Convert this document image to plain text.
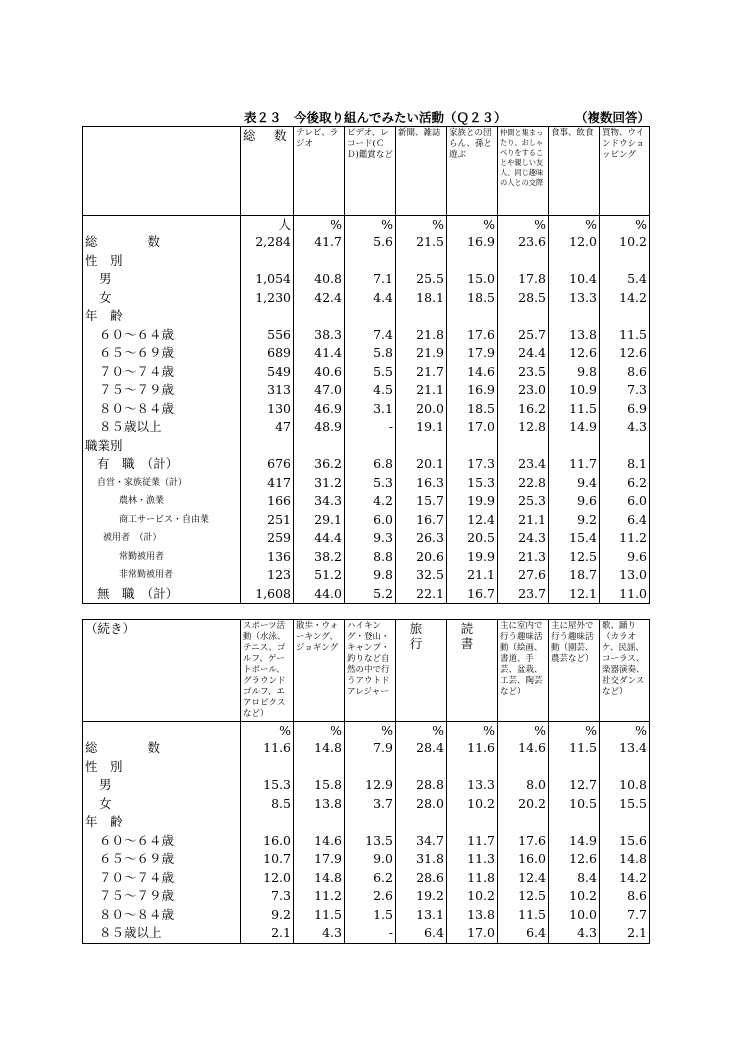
表２３　今後取り組んでみたい活動（Ｑ２３）	（複数回答）
	総　数	テレビ、ラジオ	ビデオ、レコード(ＣＤ)鑑賞など	新聞、雑誌	家族との団らん、孫と遊ぶ	仲間と集まったり、おしゃべりをすることや親しい友人、同じ趣味の人との交際	食事、飲食	買物、ウインドウショッピング
	人	%	%	%	%	%	%	%
総　　　　数	2,284	41.7	5.6	21.5	16.9	23.6	12.0	10.2
性　別								
男	1,054	40.8	7.1	25.5	15.0	17.8	10.4	5.4
女	1,230	42.4	4.4	18.1	18.5	28.5	13.3	14.2
年　齢								
６０～６４歳	556	38.3	7.4	21.8	17.6	25.7	13.8	11.5
６５～６９歳	689	41.4	5.8	21.9	17.9	24.4	12.6	12.6
７０～７４歳	549	40.6	5.5	21.7	14.6	23.5	9.8	8.6
７５～７９歳	313	47.0	4.5	21.1	16.9	23.0	10.9	7.3
８０～８４歳	130	46.9	3.1	20.0	18.5	16.2	11.5	6.9
８５歳以上	47	48.9	-	19.1	17.0	12.8	14.9	4.3
職業別								
有　職　（計）	676	36.2	6.8	20.1	17.3	23.4	11.7	8.1
自営・家族従業（計）	417	31.2	5.3	16.3	15.3	22.8	9.4	6.2
農林・漁業	166	34.3	4.2	15.7	19.9	25.3	9.6	6.0
商工サービス・自由業	251	29.1	6.0	16.7	12.4	21.1	9.2	6.4
被用者　（計）	259	44.4	9.3	26.3	20.5	24.3	15.4	11.2
常勤被用者	136	38.2	8.8	20.6	19.9	21.3	12.5	9.6
非常勤被用者	123	51.2	9.8	32.5	21.1	27.6	18.7	13.0
無　職　（計）	1,608	44.0	5.2	22.1	16.7	23.7	12.1	11.0
（続き）	スポーツ活動（水泳、テニス、ゴルフ、ゲートボール、グラウンドゴルフ、エアロビクスなど）	散歩・ウォーキング、ジョギング	ハイキング・登山・キャンプ・釣りなど自然の中で行うアウトドアレジャー	旅　行	読　書	主に室内で行う趣味活動（絵画、書道、手芸、盆栽、工芸、陶芸など）	主に屋外で行う趣味活動（園芸、農芸など）	歌、踊り（カラオケ、民謡、コーラス、楽器演奏、社交ダンスなど）
	%	%	%	%	%	%	%	%
総　　　　数	11.6	14.8	7.9	28.4	11.6	14.6	11.5	13.4
性　別								
男	15.3	15.8	12.9	28.8	13.3	8.0	12.7	10.8
女	8.5	13.8	3.7	28.0	10.2	20.2	10.5	15.5
年　齢								
６０～６４歳	16.0	14.6	13.5	34.7	11.7	17.6	14.9	15.6
６５～６９歳	10.7	17.9	9.0	31.8	11.3	16.0	12.6	14.8
７０～７４歳	12.0	14.8	6.2	28.6	11.8	12.4	8.4	14.2
７５～７９歳	7.3	11.2	2.6	19.2	10.2	12.5	10.2	8.6
８０～８４歳	9.2	11.5	1.5	13.1	13.8	11.5	10.0	7.7
８５歳以上	2.1	4.3	-	6.4	17.0	6.4	4.3	2.1
